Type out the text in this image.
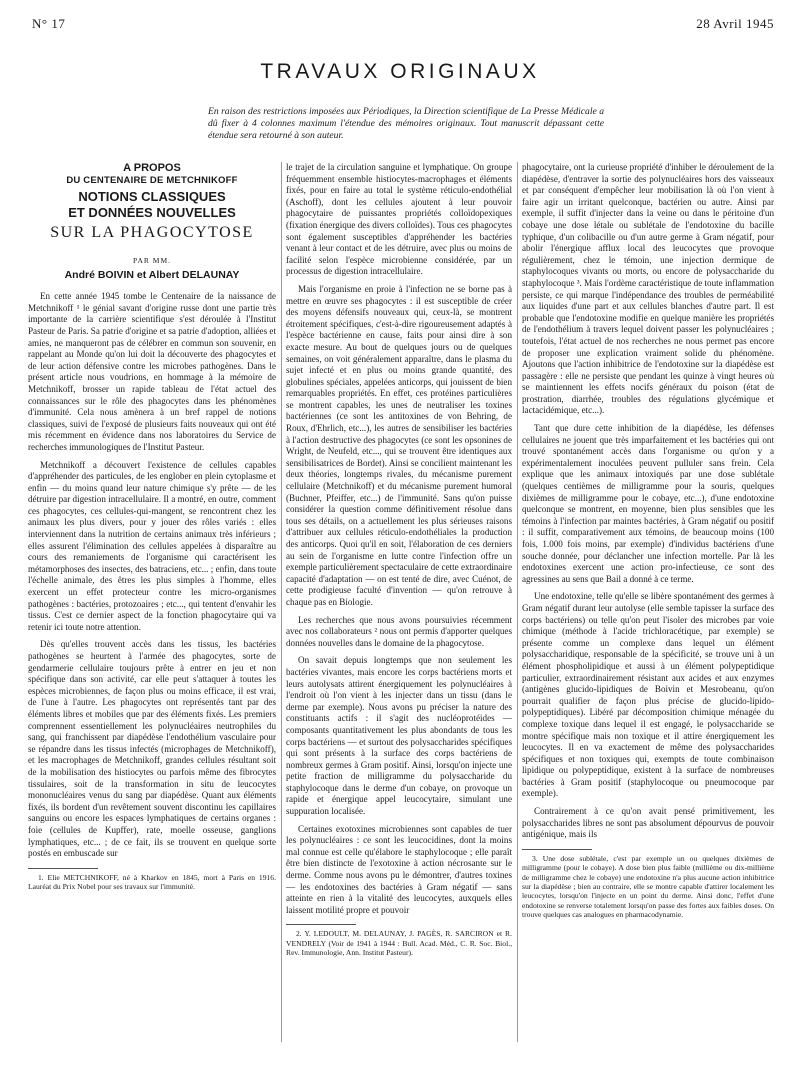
N° 17	28 Avril 1945
TRAVAUX ORIGINAUX
En raison des restrictions imposées aux Périodiques, la Direction scientifique de La Presse Médicale a dû fixer à 4 colonnes maximum l'étendue des mémoires originaux. Tout manuscrit dépassant cette étendue sera retourné à son auteur.
A PROPOS
DU CENTENAIRE DE METCHNIKOFF
NOTIONS CLASSIQUES
ET DONNÉES NOUVELLES
SUR LA PHAGOCYTOSE
PAR MM.
André BOIVIN et Albert DELAUNAY

En cette année 1945 tombe le Centenaire de la naissance de Metchnikoff ¹ le génial savant d'origine russe dont une partie très importante de la carrière scientifique s'est déroulée à l'Institut Pasteur de Paris. Sa patrie d'origine et sa patrie d'adoption, alliées et amies, ne manqueront pas de célébrer en commun son souvenir, en rappelant au Monde qu'on lui doit la découverte des phagocytes et de leur action défensive contre les microbes pathogènes. Dans le présent article nous voudrions, en hommage à la mémoire de Metchnikoff, brosser un rapide tableau de l'état actuel des connaissances sur le rôle des phagocytes dans les phénomènes d'immunité. Cela nous amènera à un bref rappel de notions classiques, suivi de l'exposé de plusieurs faits nouveaux qui ont été mis récemment en évidence dans nos laboratoires du Service de recherches immunologiques de l'Institut Pasteur.

Metchnikoff a découvert l'existence de cellules capables d'appréhender des particules, de les englober en plein cytoplasme et enfin — du moins quand leur nature chimique s'y prête — de les détruire par digestion intracellulaire. Il a montré, en outre, comment ces phagocytes, ces cellules-qui-mangent, se rencontrent chez les animaux les plus divers, pour y jouer des rôles variés : elles interviennent dans la nutrition de certains animaux très inférieurs ; elles assurent l'élimination des cellules appelées à disparaître au cours des remaniements de l'organisme qui caractérisent les métamorphoses des insectes, des batraciens, etc... ; enfin, dans toute l'échelle animale, des êtres les plus simples à l'homme, elles exercent un effet protecteur contre les micro-organismes pathogènes : bactéries, protozoaires ; etc..., qui tentent d'envahir les tissus. C'est ce dernier aspect de la fonction phagocytaire qui va retenir ici toute notre attention.

Dès qu'elles trouvent accès dans les tissus, les bactéries pathogènes se heurtent à l'armée des phagocytes, sorte de gendarmerie cellulaire toujours prête à entrer en jeu et non spécifique dans son activité, car elle peut s'attaquer à toutes les espèces microbiennes, de façon plus ou moins efficace, il est vrai, de l'une à l'autre. Les phagocytes ont représentés tant par des éléments libres et mobiles que par des éléments fixés. Les premiers comprennent essentiellement les polynucléaires neutrophiles du sang, qui franchissent par diapédèse l'endothélium vasculaire pour se répandre dans les tissus infectés (microphages de Metchnikoff), et les macrophages de Metchnikoff, grandes cellules résultant soit de la mobilisation des histiocytes ou parfois même des fibrocytes tissulaires, soit de la transformation in situ de leucocytes mononucléaires venus du sang par diapédèse. Quant aux éléments fixés, ils bordent d'un revêtement souvent discontinu les capillaires sanguins ou encore les espaces lymphatiques de certains organes : foie (cellules de Kupffer), rate, moelle osseuse, ganglions lymphatiques, etc... ; de ce fait, ils se trouvent en quelque sorte postés en embuscade sur

1. Elie METCHNIKOFF, né à Kharkov en 1845, mort à Paris en 1916. Lauréat du Prix Nobel pour ses travaux sur l'immunité.

le trajet de la circulation sanguine et lymphatique. On groupe fréquemment ensemble histiocytes-macrophages et éléments fixés, pour en faire au total le système réticulo-endothélial (Aschoff), dont les cellules ajoutent à leur pouvoir phagocytaire de puissantes propriétés colloïdopexiques (fixation énergique des divers colloïdes). Tous ces phagocytes sont également susceptibles d'appréhender les bactéries venant à leur contact et de les détruire, avec plus ou moins de facilité selon l'espèce microbienne considérée, par un processus de digestion intracellulaire.

Mais l'organisme en proie à l'infection ne se borne pas à mettre en œuvre ses phagocytes : il est susceptible de créer des moyens défensifs nouveaux qui, ceux-là, se montrent étroitement spécifiques, c'est-à-dire rigoureusement adaptés à l'espèce bactérienne en cause, faits pour ainsi dire à son exacte mesure. Au bout de quelques jours ou de quelques semaines, on voit généralement apparaître, dans le plasma du sujet infecté et en plus ou moins grande quantité, des globulines spéciales, appelées anticorps, qui jouissent de bien remarquables propriétés. En effet, ces protéines particulières se montrent capables, les unes de neutraliser les toxines bactériennes (ce sont les antitoxines de von Behring, de Roux, d'Ehrlich, etc...), les autres de sensibiliser les bactéries à l'action destructive des phagocytes (ce sont les opsonines de Wright, de Neufeld, etc..., qui se trouvent être identiques aux sensibilisatrices de Bordet). Ainsi se concilient maintenant les deux théories, longtemps rivales, du mécanisme purement cellulaire (Metchnikoff) et du mécanisme purement humoral (Buchner, Pfeiffer, etc...) de l'immunité. Sans qu'on puisse considérer la question comme définitivement résolue dans tous ses détails, on a actuellement les plus sérieuses raisons d'attribuer aux cellules réticulo-endothéliales la production des anticorps. Quoi qu'il en soit, l'élaboration de ces derniers au sein de l'organisme en lutte contre l'infection offre un exemple particulièrement spectaculaire de cette extraordinaire capacité d'adaptation — on est tenté de dire, avec Cuénot, de cette prodigieuse faculté d'invention — qu'on retrouve à chaque pas en Biologie.

Les recherches que nous avons poursuivies récemment avec nos collaborateurs ² nous ont permis d'apporter quelques données nouvelles dans le domaine de la phagocytose.

On savait depuis longtemps que non seulement les bactéries vivantes, mais encore les corps bactériens morts et leurs autolysats attirent énergiquement les polynucléaires à l'endroit où l'on vient à les injecter dans un tissu (dans le derme par exemple). Nous avons pu préciser la nature des constituants actifs : il s'agit des nucléoprotéides — composants quantitativement les plus abondants de tous les corps bactériens — et surtout des polysaccharides spécifiques qui sont présents à la surface des corps bactériens de nombreux germes à Gram positif. Ainsi, lorsqu'on injecte une petite fraction de milligramme du polysaccharide du staphylocoque dans le derme d'un cobaye, on provoque un rapide et énergique appel leucocytaire, simulant une suppuration localisée.

Certaines exotoxines microbiennes sont capables de tuer les polynucléaires : ce sont les leucocidines, dont la moins mal connue est celle qu'élabore le staphylocoque ; elle paraît être bien distincte de l'exotoxine à action nécrosante sur le derme. Comme nous avons pu le démontrer, d'autres toxines — les endotoxines des bactéries à Gram négatif — sans atteinte en rien à la vitalité des leucocytes, auxquels elles laissent motilité propre et pouvoir

2. Y. LEDOULT, M. DELAUNAY, J. PAGÈS, R. SARCIRON et R. VENDRELY (Voir de 1941 à 1944 : Bull. Acad. Méd., C. R. Soc. Biol., Rev. Immunologie, Ann. Institut Pasteur).

phagocytaire, ont la curieuse propriété d'inhiber le déroulement de la diapédèse, d'entraver la sortie des polynucléaires hors des vaisseaux et par conséquent d'empêcher leur mobilisation là où l'on vient à faire agir un irritant quelconque, bactérien ou autre. Ainsi par exemple, il suffit d'injecter dans la veine ou dans le péritoine d'un cobaye une dose létale ou sublétale de l'endotoxine du bacille typhique, d'un colibacille ou d'un autre germe à Gram négatif, pour abolir l'énergique afflux local des leucocytes que provoque régulièrement, chez le témoin, une injection dermique de staphylocoques vivants ou morts, ou encore de polysaccharide du staphylocoque ³. Mais l'ordème caractéristique de toute inflammation persiste, ce qui marque l'indépendance des troubles de perméabilité aux liquides d'une part et aux cellules blanches d'autre part. Il est probable que l'endotoxine modifie en quelque manière les propriétés de l'endothélium à travers lequel doivent passer les polynucléaires ; toutefois, l'état actuel de nos recherches ne nous permet pas encore de proposer une explication vraiment solide du phénomène. Ajoutons que l'action inhibitrice de l'endotoxine sur la diapédèse est passagère : elle ne persiste que pendant les quinze à vingt heures où se maintiennent les effets nocifs généraux du poison (état de prostration, diarrhée, troubles des régulations glycémique et lactacidémique, etc...).

Tant que dure cette inhibition de la diapédèse, les défenses cellulaires ne jouent que très imparfaitement et les bactéries qui ont trouvé spontanément accès dans l'organisme ou qu'on y a expérimentalement inoculées peuvent pulluler sans frein. Cela explique que les animaux intoxiqués par une dose sublétale (quelques centièmes de milligramme pour la souris, quelques dixièmes de milligramme pour le cobaye, etc...), d'une endotoxine quelconque se montrent, en moyenne, bien plus sensibles que les témoins à l'infection par maintes bactéries, à Gram négatif ou positif : il suffit, comparativement aux témoins, de beaucoup moins (100 fois, 1.000 fois moins, par exemple) d'individus bactériens d'une souche donnée, pour déclancher une infection mortelle. Par là les endotoxines exercent une action pro-infectieuse, ce sont des agressines au sens que Bail a donné à ce terme.

Une endotoxine, telle qu'elle se libère spontanément des germes à Gram négatif durant leur autolyse (elle semble tapisser la surface des corps bactériens) ou telle qu'on peut l'isoler des microbes par voie chimique (méthode à l'acide trichloracétique, par exemple) se présente comme un complexe dans lequel un élément polysaccharidique, responsable de la spécificité, se trouve uni à un élément phospholipidique et aussi à un élément polypeptidique particulier, extraordinairement résistant aux acides et aux enzymes (antigènes glucido-lipidiques de Boivin et Mesrobeanu, qu'on pourrait qualifier de façon plus précise de glucido-lipido-polypeptidiques). Libéré par décomposition chimique ménagée du complexe toxique dans lequel il est engagé, le polysaccharide se montre spécifique mais non toxique et il attire énergiquement les leucocytes. Il en va exactement de même des polysaccharides spécifiques et non toxiques qui, exempts de toute combinaison lipidique ou polypeptidique, existent à la surface de nombreuses bactéries à Gram positif (staphylocoque ou pneumocoque par exemple).

Contrairement à ce qu'on avait pensé primitivement, les polysaccharides libres ne sont pas absolument dépourvus de pouvoir antigénique, mais ils

3. Une dose sublétale, c'est par exemple un ou quelques dixièmes de milligramme (pour le cobaye). A dose bien plus faible (millième ou dix-millième de milligramme chez le cobaye) une endotoxine n'a plus aucune action inhibitrice sur la diapédèse ; bien au contraire, elle se montre capable d'attirer localement les leucocytes, lorsqu'on l'injecte en un point du derme. Ainsi donc, l'effet d'une endotoxine se renverse totalement lorsqu'on passe des fortes aux faibles doses. On trouve quelques cas analogues en pharmacodynamie.
